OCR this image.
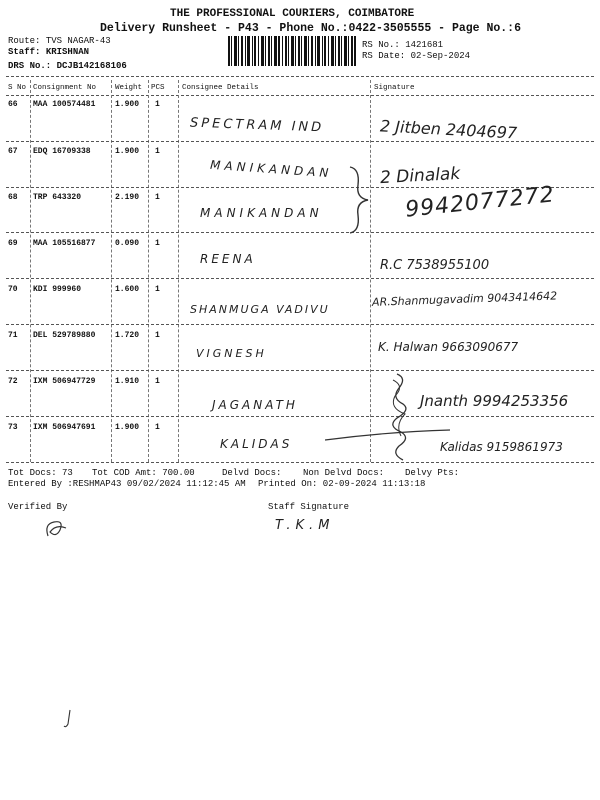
THE PROFESSIONAL COURIERS, COIMBATORE
Delivery Runsheet - P43 - Phone No.:0422-3505555 - Page No.:6
Route: TVS NAGAR-43
Staff: KRISHNAN
DRS No.: DCJB142168106
RS No.: 1421681
RS Date: 02-Sep-2024
S No Consignment No	Weight PCS Consignee Details	Signature
66 MAA 100574481 1.900 1
SPECTRAM IND	2 Jitben 2404697
67 EDQ 16709338	1.900 1
MANIKANDAN	2 Dinalak
68 TRP 643320	2.190 1
MANIKANDAN	9942077272
69 MAA 105516877 0.090 1
REENA	R.C 7538955100
70 KDI 999960	1.600 1
SHANMUGA VADIVU
AR.Shanmugavadim 9043414642
71 DEL 529789880 1.720 1
VIGNESH	K. Halwan 9663090677
72 IXM 506947729 1.910 1
JAGANATH	Jnanth 9994253356
73 IXM 506947691 1.900 1
KALIDAS	Kalidas 9159861973
Tot Docs: 73 Tot COD Amt: 700.00	Delvd Docs: Non Delvd Docs: Delvy Pts:
Entered By :RESHMAP43 09/02/2024 11:12:45 AM Printed On: 02-09-2024 11:13:18
Verified By	Staff Signature
T.K.M
